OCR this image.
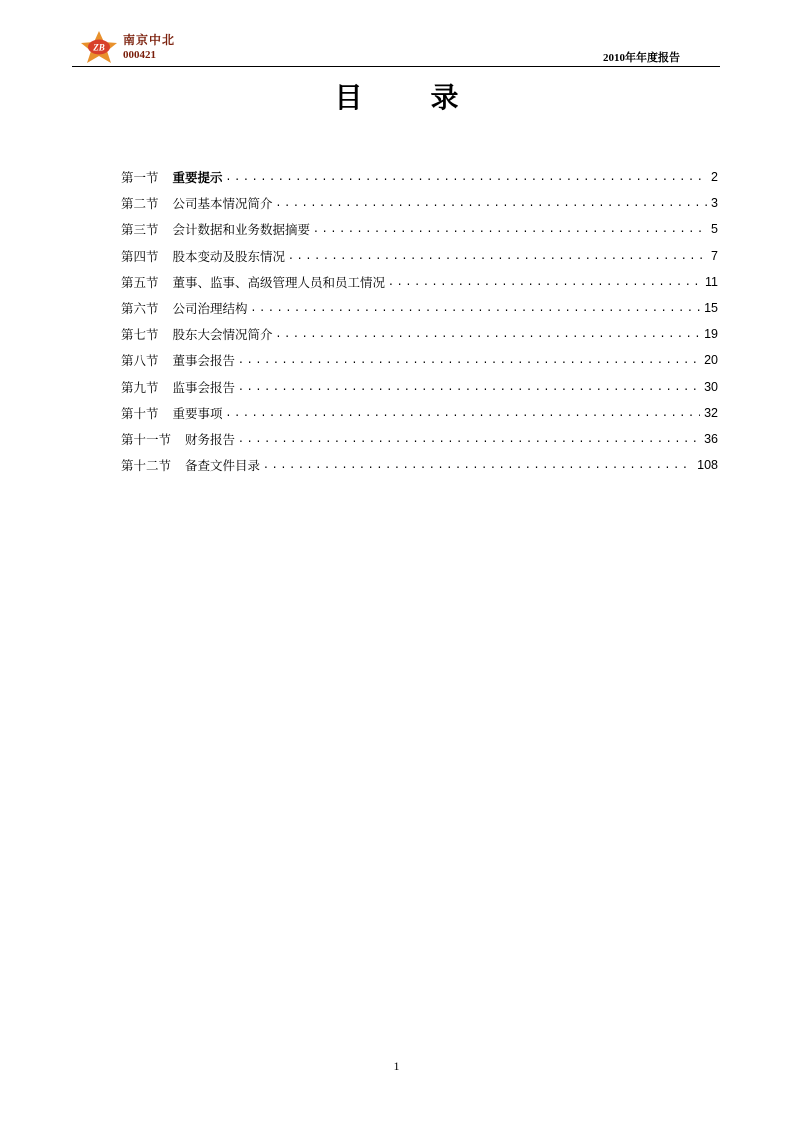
ZB
南京中北
000421	2010年年度报告
目 录
第一节 重要提示 . . .	2
第二节 公司基本情况简介 . . .	3
第三节 会计数据和业务数据摘要 . . .	5
第四节 股本变动及股东情况 . . .	7
第五节 董事、监事、高级管理人员和员工情况 . . .	11
第六节 公司治理结构 . . .	15
第七节 股东大会情况简介 . . .	19
第八节 董事会报告 . . .	20
第九节 监事会报告 . . .	30
第十节 重要事项 . . .	32
第十一节 财务报告 . . .	36
第十二节 备查文件目录 . . .	108
1
